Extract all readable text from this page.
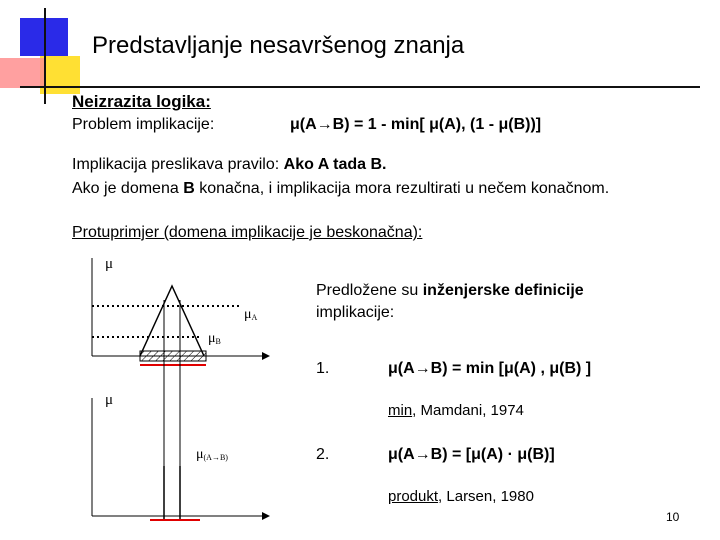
Predstavljanje nesavršenog znanja
Neizrazita logika:
Problem implikacije:	μ(A→B) = 1 - min[ μ(A), (1 - μ(B))]
Implikacija preslikava pravilo: Ako A tada B.
Ako je domena B konačna, i implikacija mora rezultirati u nečem konačnom.
Protuprimjer (domena implikacije je beskonačna):
μ
μA
μB
μ
μ(A→B)
Predložene su inženjerske definicije
implikacije:
1.	μ(A→B) = min [μ(A) , μ(B) ]
min, Mamdani, 1974
2.	μ(A→B) = [μ(A) · μ(B)]
produkt, Larsen, 1980
10
